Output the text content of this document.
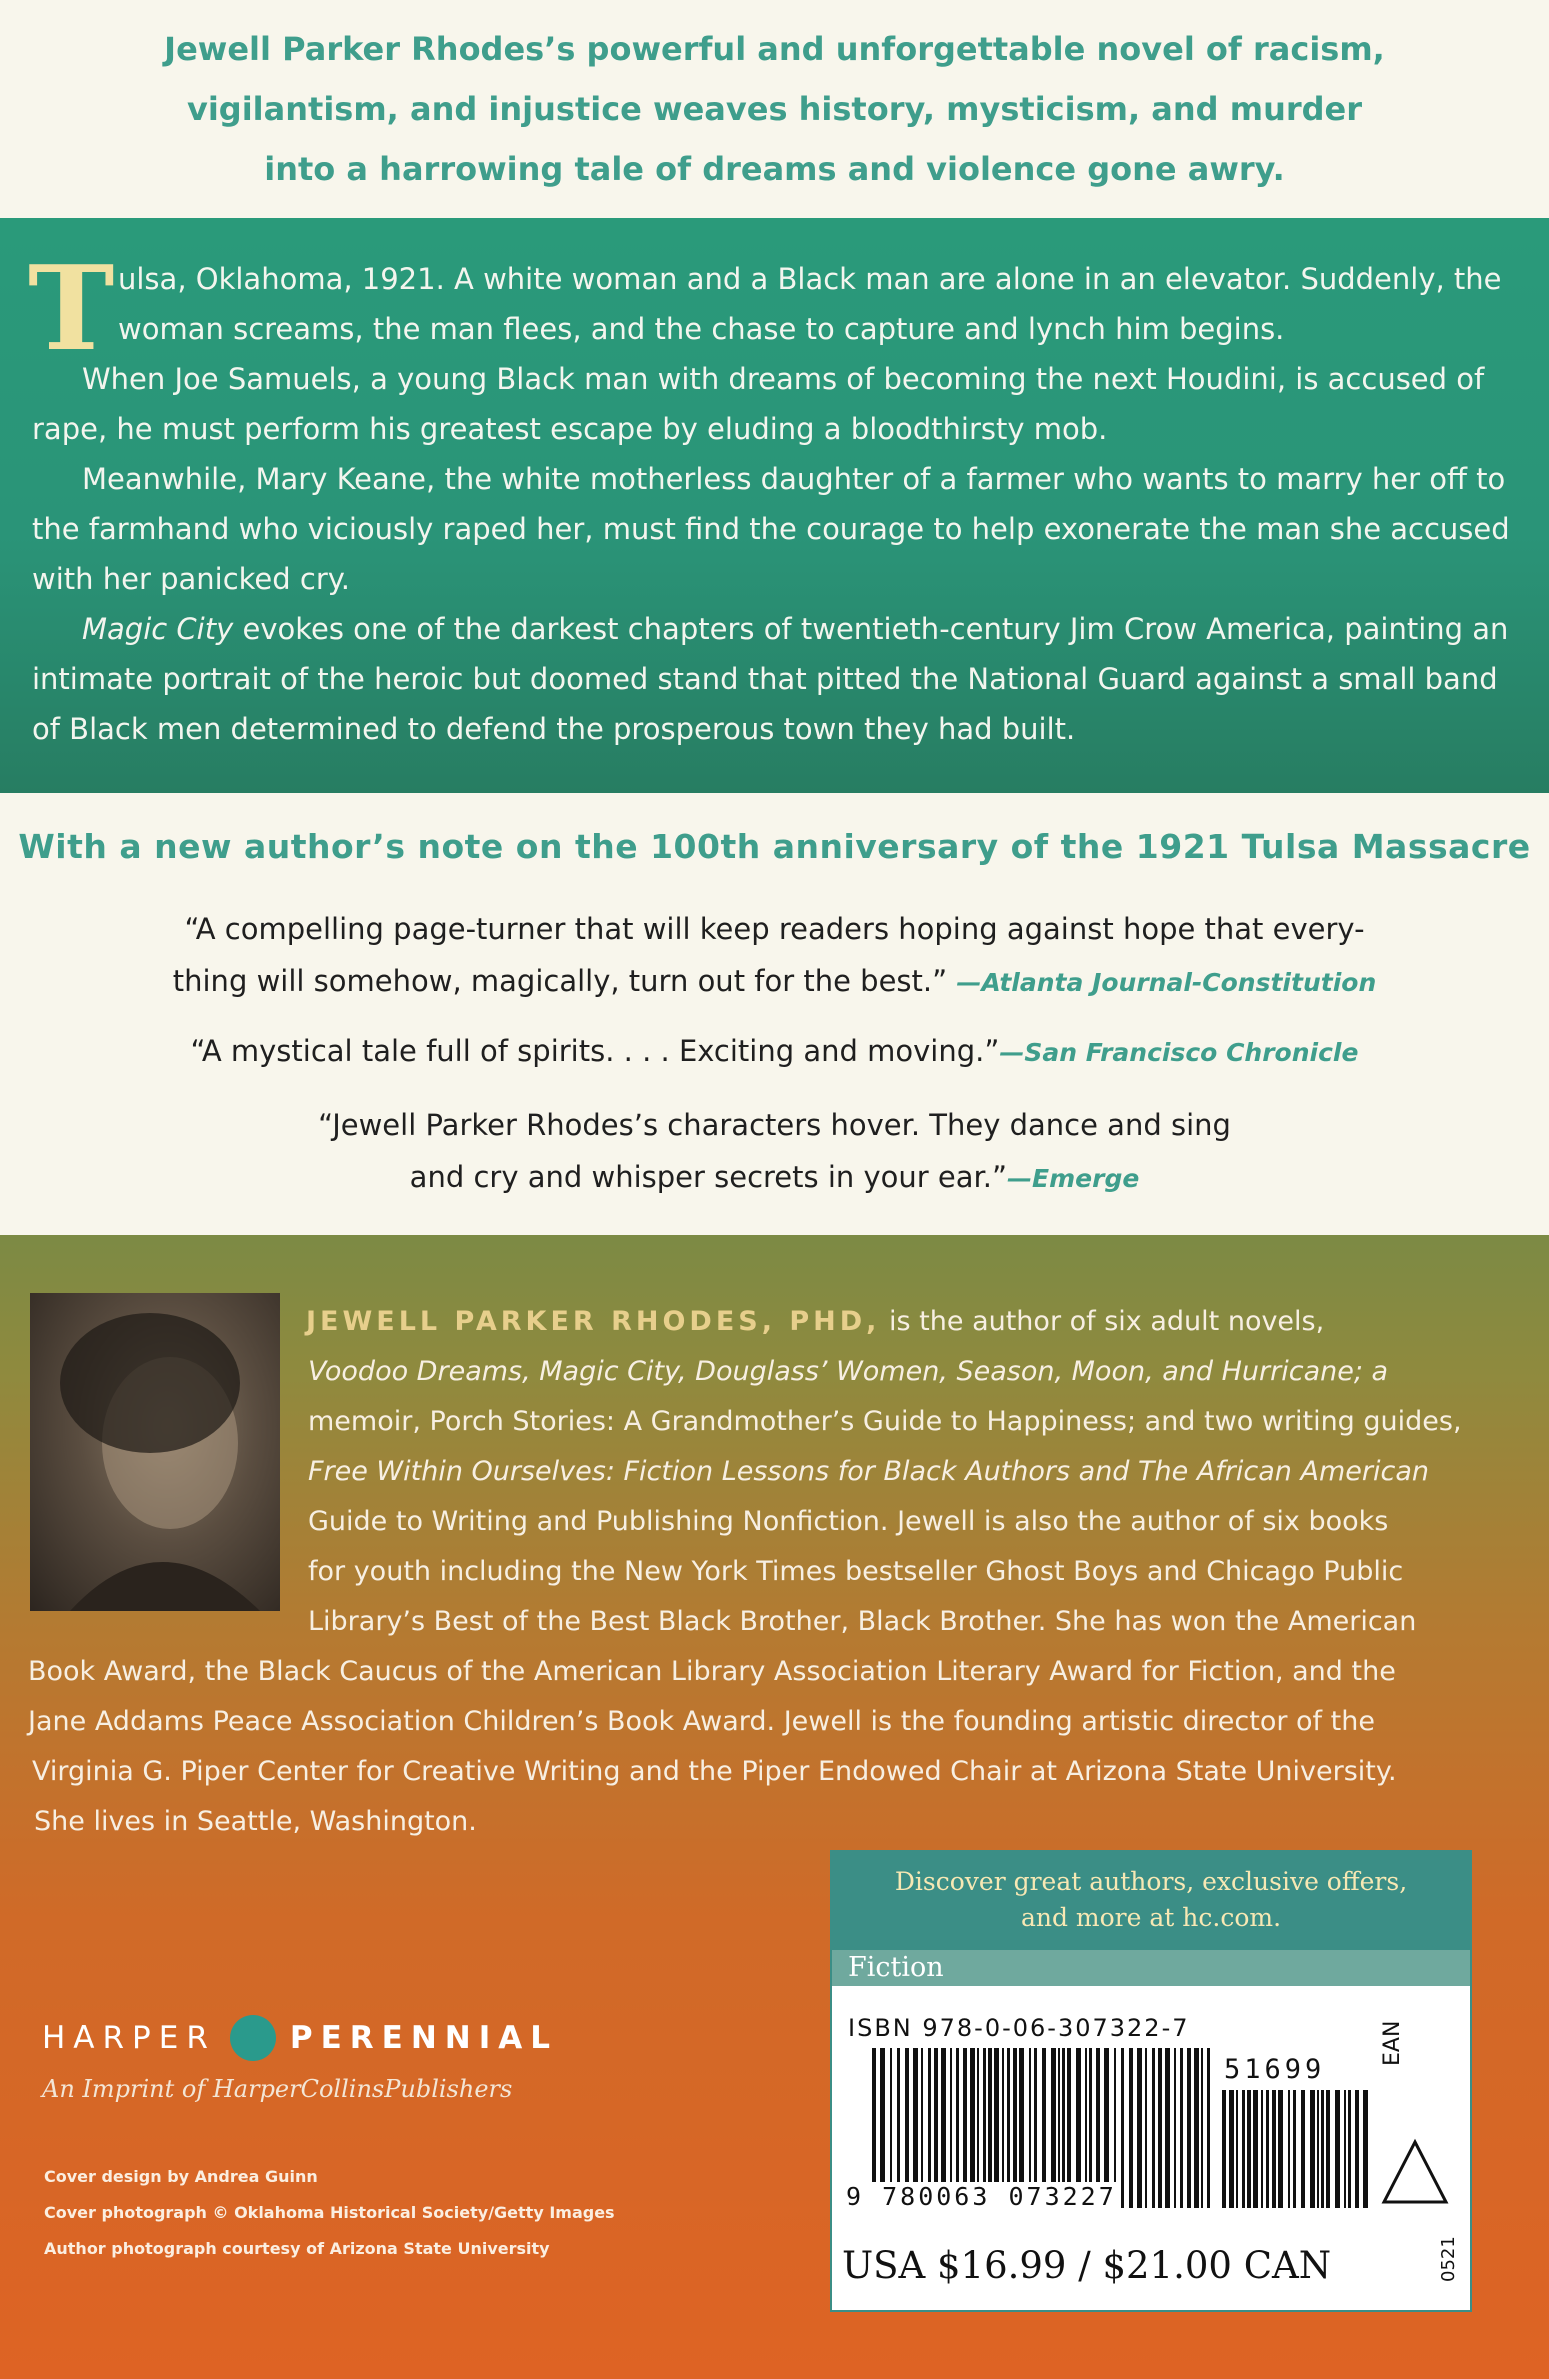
Jewell Parker Rhodes’s powerful and unforgettable novel of racism,
vigilantism, and injustice weaves history, mysticism, and murder
into a harrowing tale of dreams and violence gone awry.
T ulsa, Oklahoma, 1921. A white woman and a Black man are alone in an elevator. Suddenly, the woman screams, the man flees, and the chase to capture and lynch him begins.

When Joe Samuels, a young Black man with dreams of becoming the next Houdini, is accused of rape, he must perform his greatest escape by eluding a bloodthirsty mob.

Meanwhile, Mary Keane, the white motherless daughter of a farmer who wants to marry her off to the farmhand who viciously raped her, must find the courage to help exonerate the man she accused with her panicked cry.

Magic City evokes one of the darkest chapters of twentieth-century Jim Crow America, painting an intimate portrait of the heroic but doomed stand that pitted the National Guard against a small band of Black men determined to defend the prosperous town they had built.

With a new author’s note on the 100th anniversary of the 1921 Tulsa Massacre
“A compelling page-turner that will keep readers hoping against hope that every-
thing will somehow, magically, turn out for the best.” —Atlanta Journal-Constitution
“A mystical tale full of spirits. . . . Exciting and moving.”—San Francisco Chronicle
“Jewell Parker Rhodes’s characters hover. They dance and sing
and cry and whisper secrets in your ear.”—Emerge
JEWELL PARKER RHODES, PHD, is the author of six adult novels,
Voodoo Dreams, Magic City, Douglass’ Women, Season, Moon, and Hurricane; a
memoir, Porch Stories: A Grandmother’s Guide to Happiness; and two writing guides,
Free Within Ourselves: Fiction Lessons for Black Authors and The African American
Guide to Writing and Publishing Nonfiction. Jewell is also the author of six books
for youth including the New York Times bestseller Ghost Boys and Chicago Public
Library’s Best of the Best Black Brother, Black Brother. She has won the American
Book Award, the Black Caucus of the American Library Association Literary Award for Fiction, and the
Jane Addams Peace Association Children’s Book Award. Jewell is the founding artistic director of the
Virginia G. Piper Center for Creative Writing and the Piper Endowed Chair at Arizona State University.
She lives in Seattle, Washington.
HARPER PERENNIAL
An Imprint of HarperCollinsPublishers
Cover design by Andrea Guinn
Cover photograph © Oklahoma Historical Society/Getty Images
Author photograph courtesy of Arizona State University
Discover great authors, exclusive offers,
and more at hc.com.
Fiction
ISBN 978-0-06-307322-7
51699
9 780063 073227
EAN
USA $16.99 / $21.00 CAN	0521
